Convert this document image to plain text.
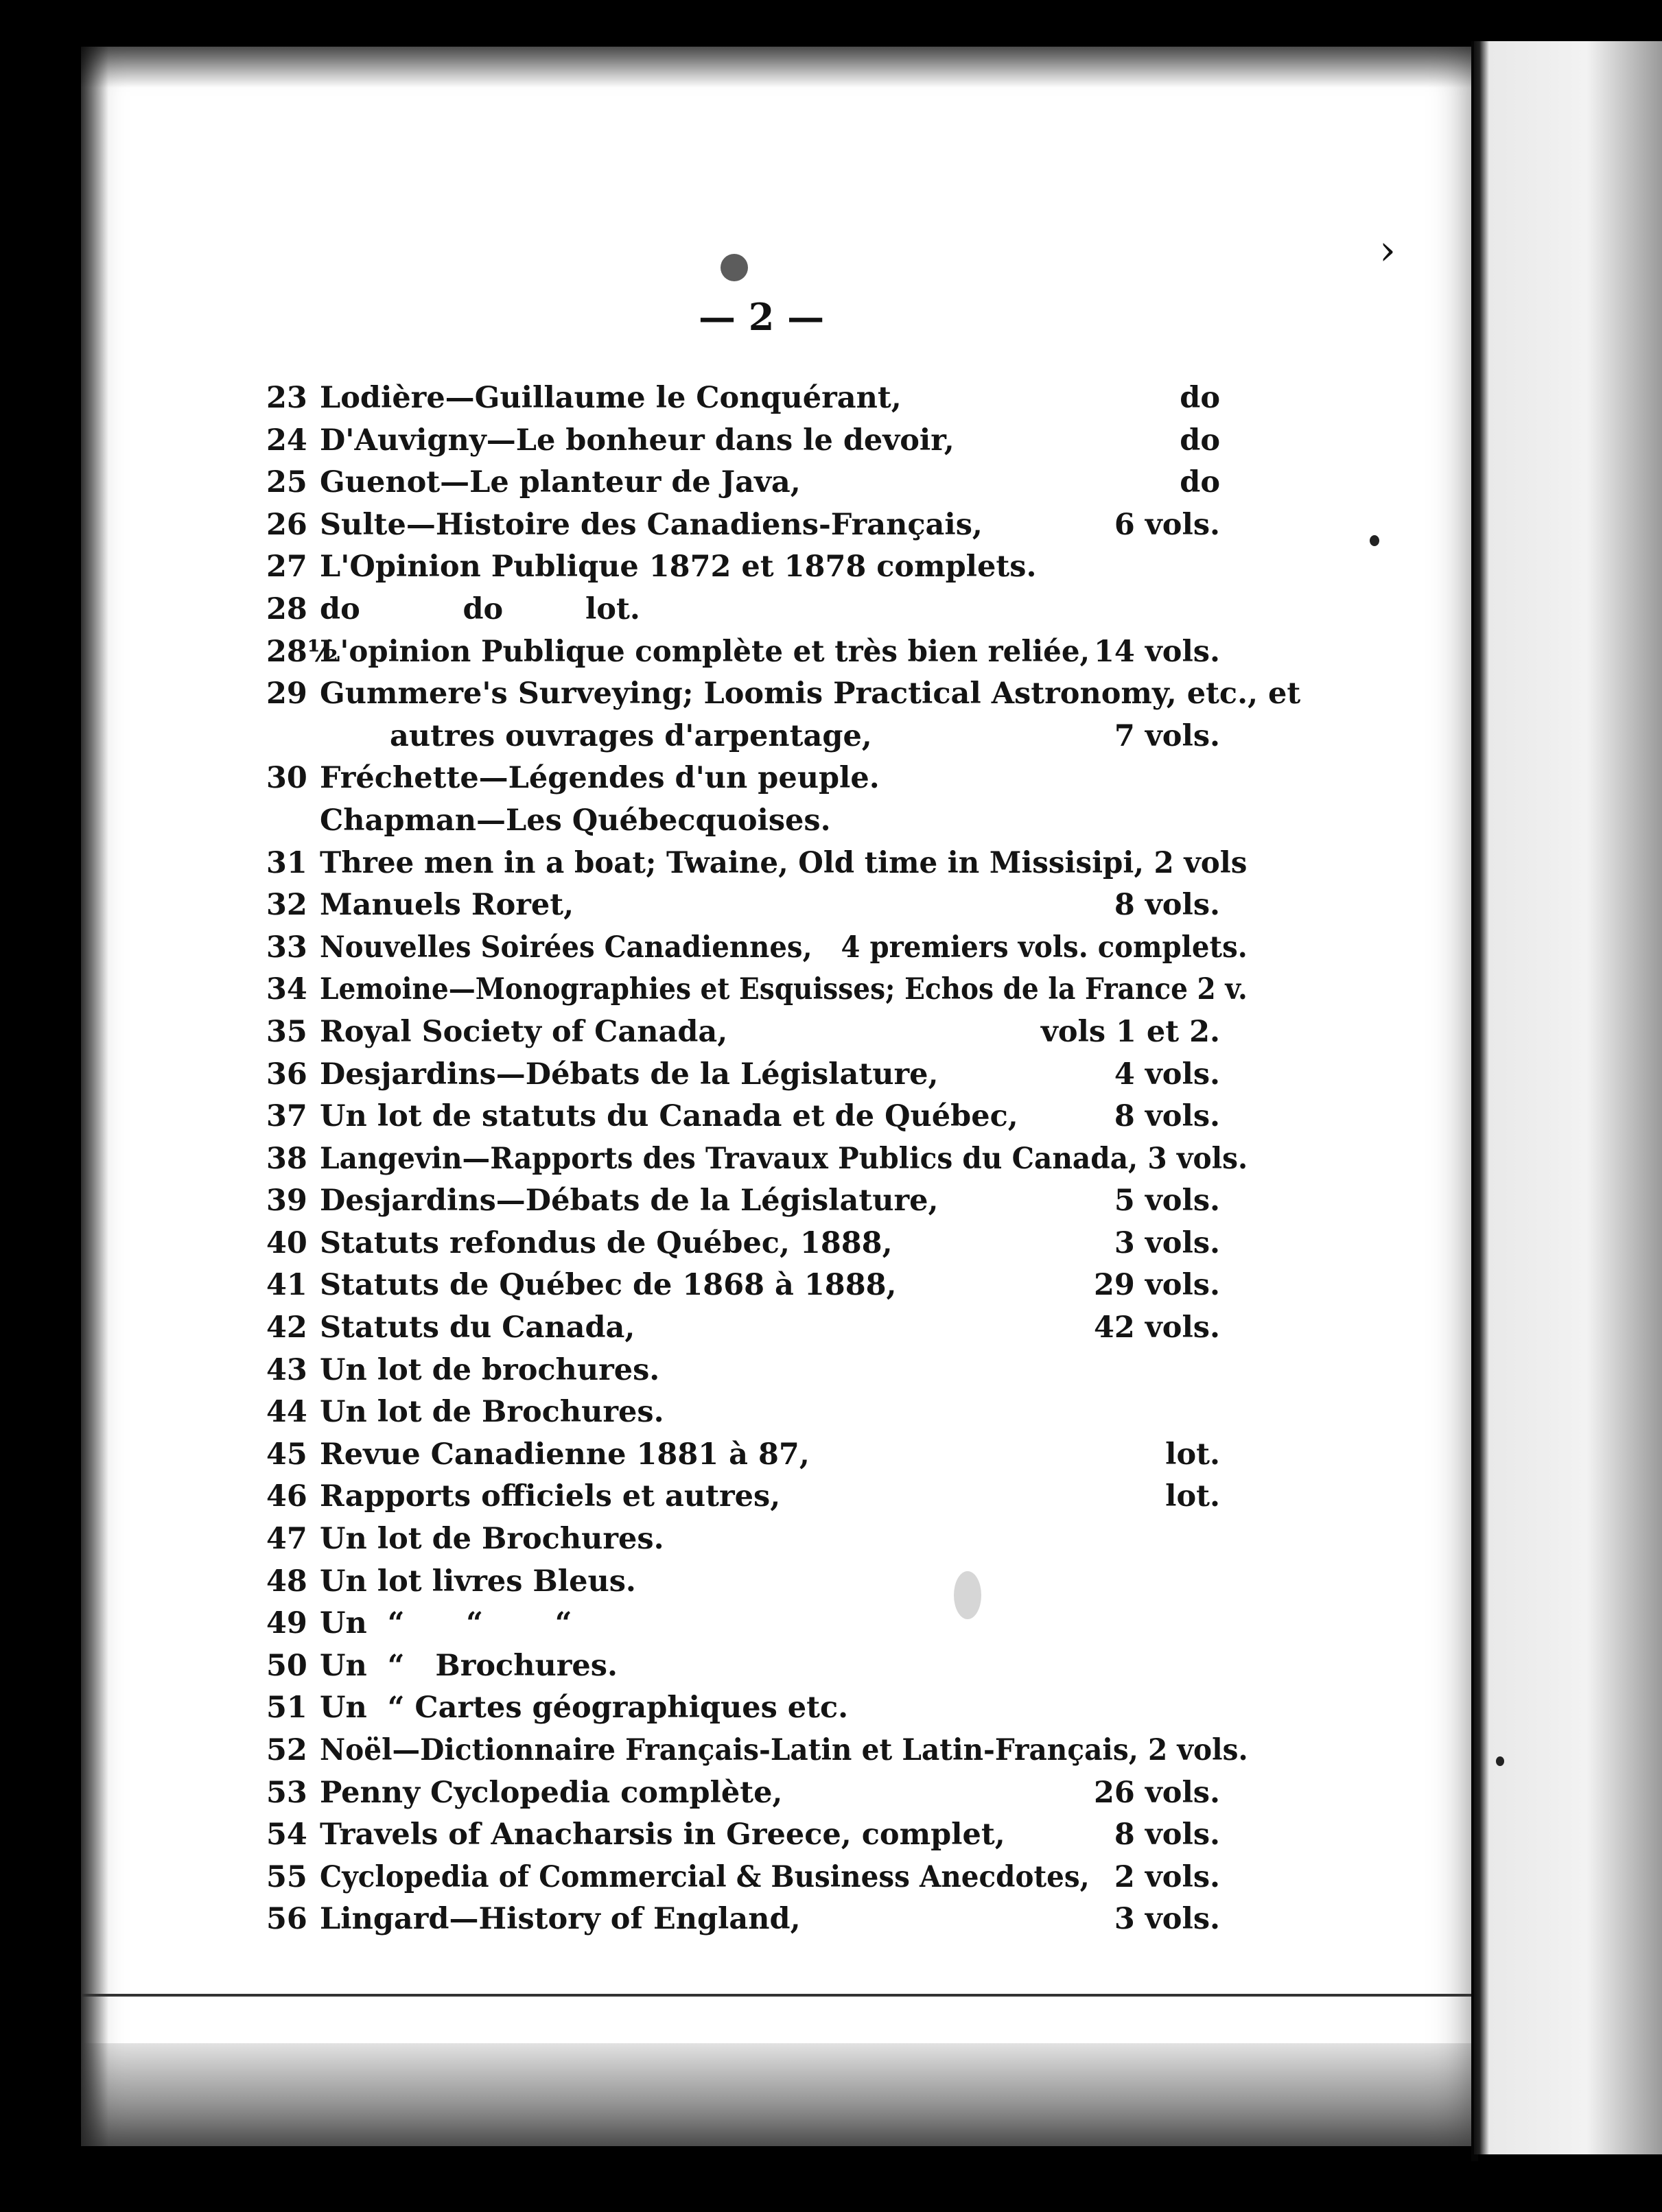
›
— 2 —
23 Lodière—Guillaume le Conquérant,	do
24 D'Auvigny—Le bonheur dans le devoir,	do
25 Guenot—Le planteur de Java,	do
26 Sulte—Histoire des Canadiens-Français,	6 vols.
27 L'Opinion Publique 1872 et 1878 complets.
28 do          do        lot.
28½L'opinion Publique complète et très bien reliée, 14 vols.
29 Gummere's Surveying; Loomis Practical Astronomy, etc., et
autres ouvrages d'arpentage,	7 vols.
30 Fréchette—Légendes d'un peuple.
Chapman—Les Québecquoises.
31 Three men in a boat; Twaine, Old time in Missisipi, 2 vols
32 Manuels Roret,	8 vols.
33 Nouvelles Soirées Canadiennes,   4 premiers vols. complets.
34 Lemoine—Monographies et Esquisses; Echos de la France 2 v.
35 Royal Society of Canada,	vols 1 et 2.
36 Desjardins—Débats de la Législature,	4 vols.
37 Un lot de statuts du Canada et de Québec,	8 vols.
38 Langevin—Rapports des Travaux Publics du Canada, 3 vols.
39 Desjardins—Débats de la Législature,	5 vols.
40 Statuts refondus de Québec, 1888,	3 vols.
41 Statuts de Québec de 1868 à 1888,	29 vols.
42 Statuts du Canada,	42 vols.
43 Un lot de brochures.
44 Un lot de Brochures.
45 Revue Canadienne 1881 à 87,	lot.
46 Rapports officiels et autres,	lot.
47 Un lot de Brochures.
48 Un lot livres Bleus.
49 Un  “      “       “
50 Un  “   Brochures.
51 Un  “ Cartes géographiques etc.
52 Noël—Dictionnaire Français-Latin et Latin-Français, 2 vols.
53 Penny Cyclopedia complète,	26 vols.
54 Travels of Anacharsis in Greece, complet,	8 vols.
55 Cyclopedia of Commercial & Business Anecdotes, 2 vols.
56 Lingard—History of England,	3 vols.
